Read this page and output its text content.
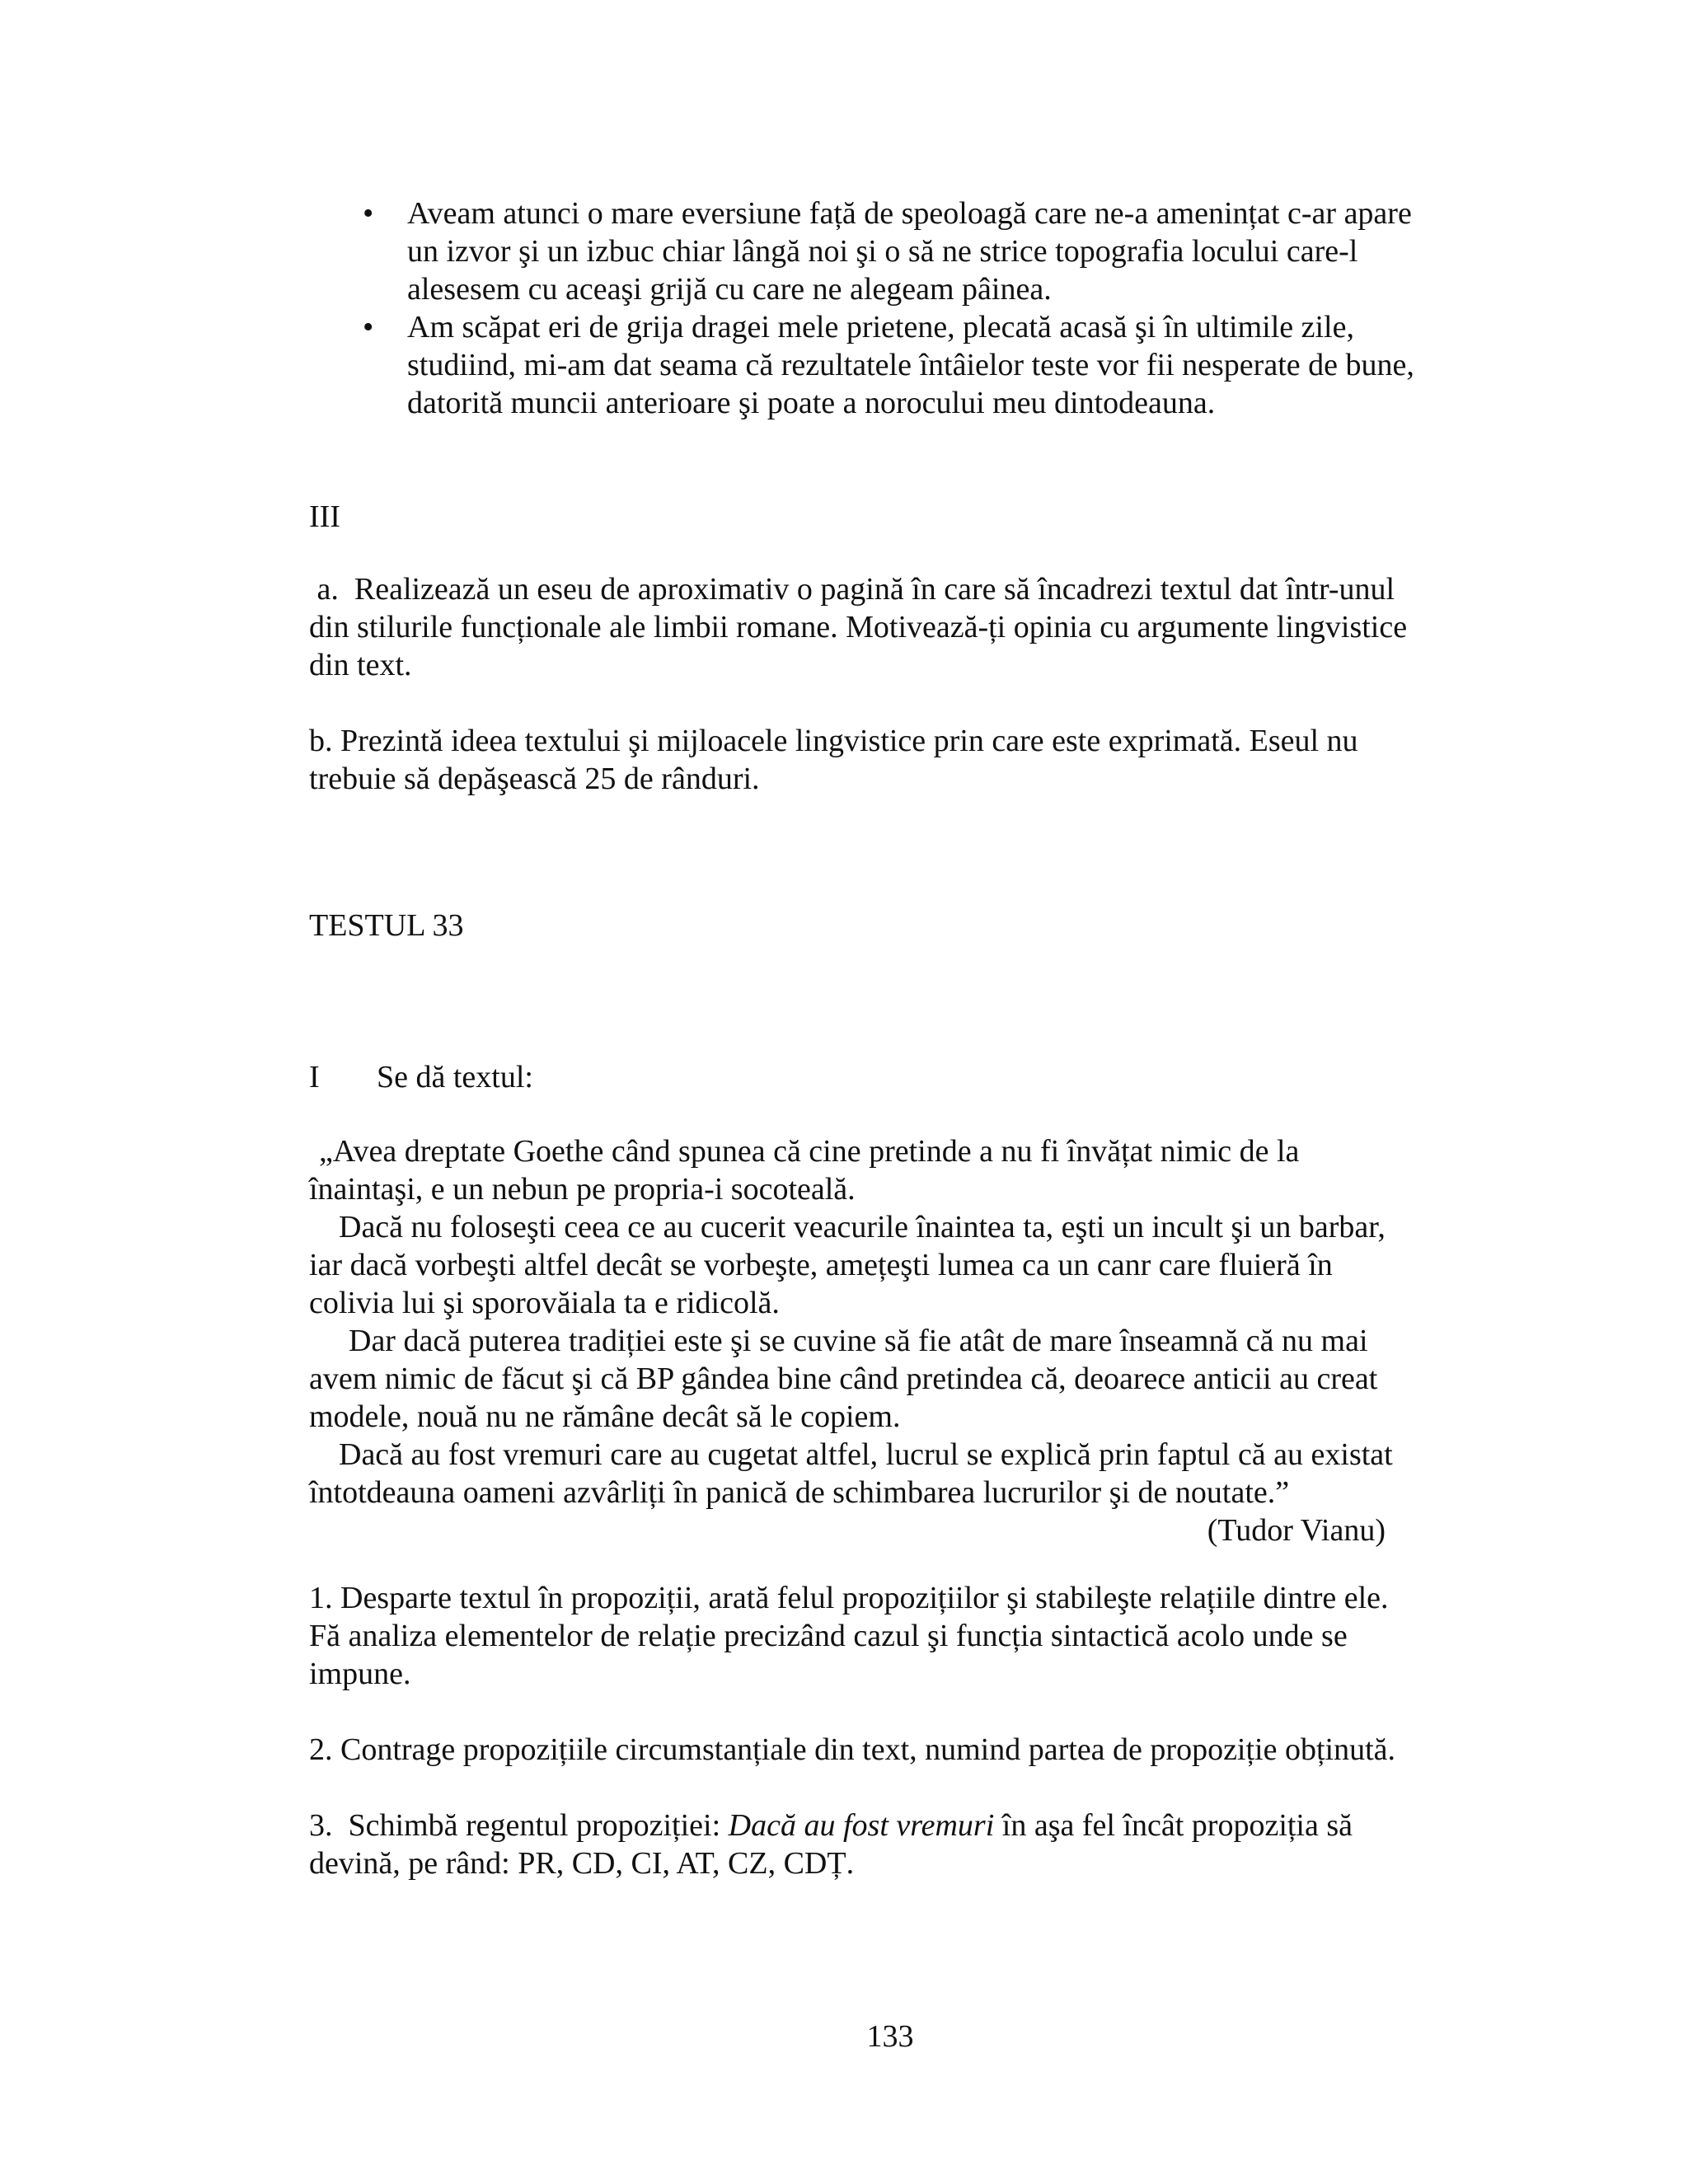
• Aveam atunci o mare eversiune față de speoloagă care ne-a amenințat c-ar apare
un izvor şi un izbuc chiar lângă noi şi o să ne strice topografia locului care-l
alesesem cu aceaşi grijă cu care ne alegeam pâinea.
• Am scăpat eri de grija dragei mele prietene, plecată acasă şi în ultimile zile,
studiind, mi-am dat seama că rezultatele întâielor teste vor fii nesperate de bune,
datorită muncii anterioare şi poate a norocului meu dintodeauna.
III
a.  Realizează un eseu de aproximativ o pagină în care să încadrezi textul dat într-unul
din stilurile funcționale ale limbii romane. Motivează-ți opinia cu argumente lingvistice
din text.
b. Prezintă ideea textului şi mijloacele lingvistice prin care este exprimată. Eseul nu
trebuie să depăşească 25 de rânduri.
TESTUL 33
I Se dă textul:

„Avea dreptate Goethe când spunea că cine pretinde a nu fi învățat nimic de la
înaintaşi, e un nebun pe propria-i socoteală.

Dacă nu foloseşti ceea ce au cucerit veacurile înaintea ta, eşti un incult şi un barbar,
iar dacă vorbeşti altfel decât se vorbeşte, amețeşti lumea ca un canr care fluieră în
colivia lui şi sporovăiala ta e ridicolă.

Dar dacă puterea tradiției este şi se cuvine să fie atât de mare înseamnă că nu mai
avem nimic de făcut şi că BP gândea bine când pretindea că, deoarece anticii au creat
modele, nouă nu ne rămâne decât să le copiem.

Dacă au fost vremuri care au cugetat altfel, lucrul se explică prin faptul că au existat
întotdeauna oameni azvârliți în panică de schimbarea lucrurilor şi de noutate.”

(Tudor Vianu)

1. Desparte textul în propoziții, arată felul propozițiilor şi stabileşte relațiile dintre ele.
Fă analiza elementelor de relație precizând cazul şi funcția sintactică acolo unde se
impune.
2. Contrage propozițiile circumstanțiale din text, numind partea de propoziție obținută.
3.  Schimbă regentul propoziției: Dacă au fost vremuri în aşa fel încât propoziția să
devină, pe rând: PR, CD, CI, AT, CZ, CDȚ.
133
